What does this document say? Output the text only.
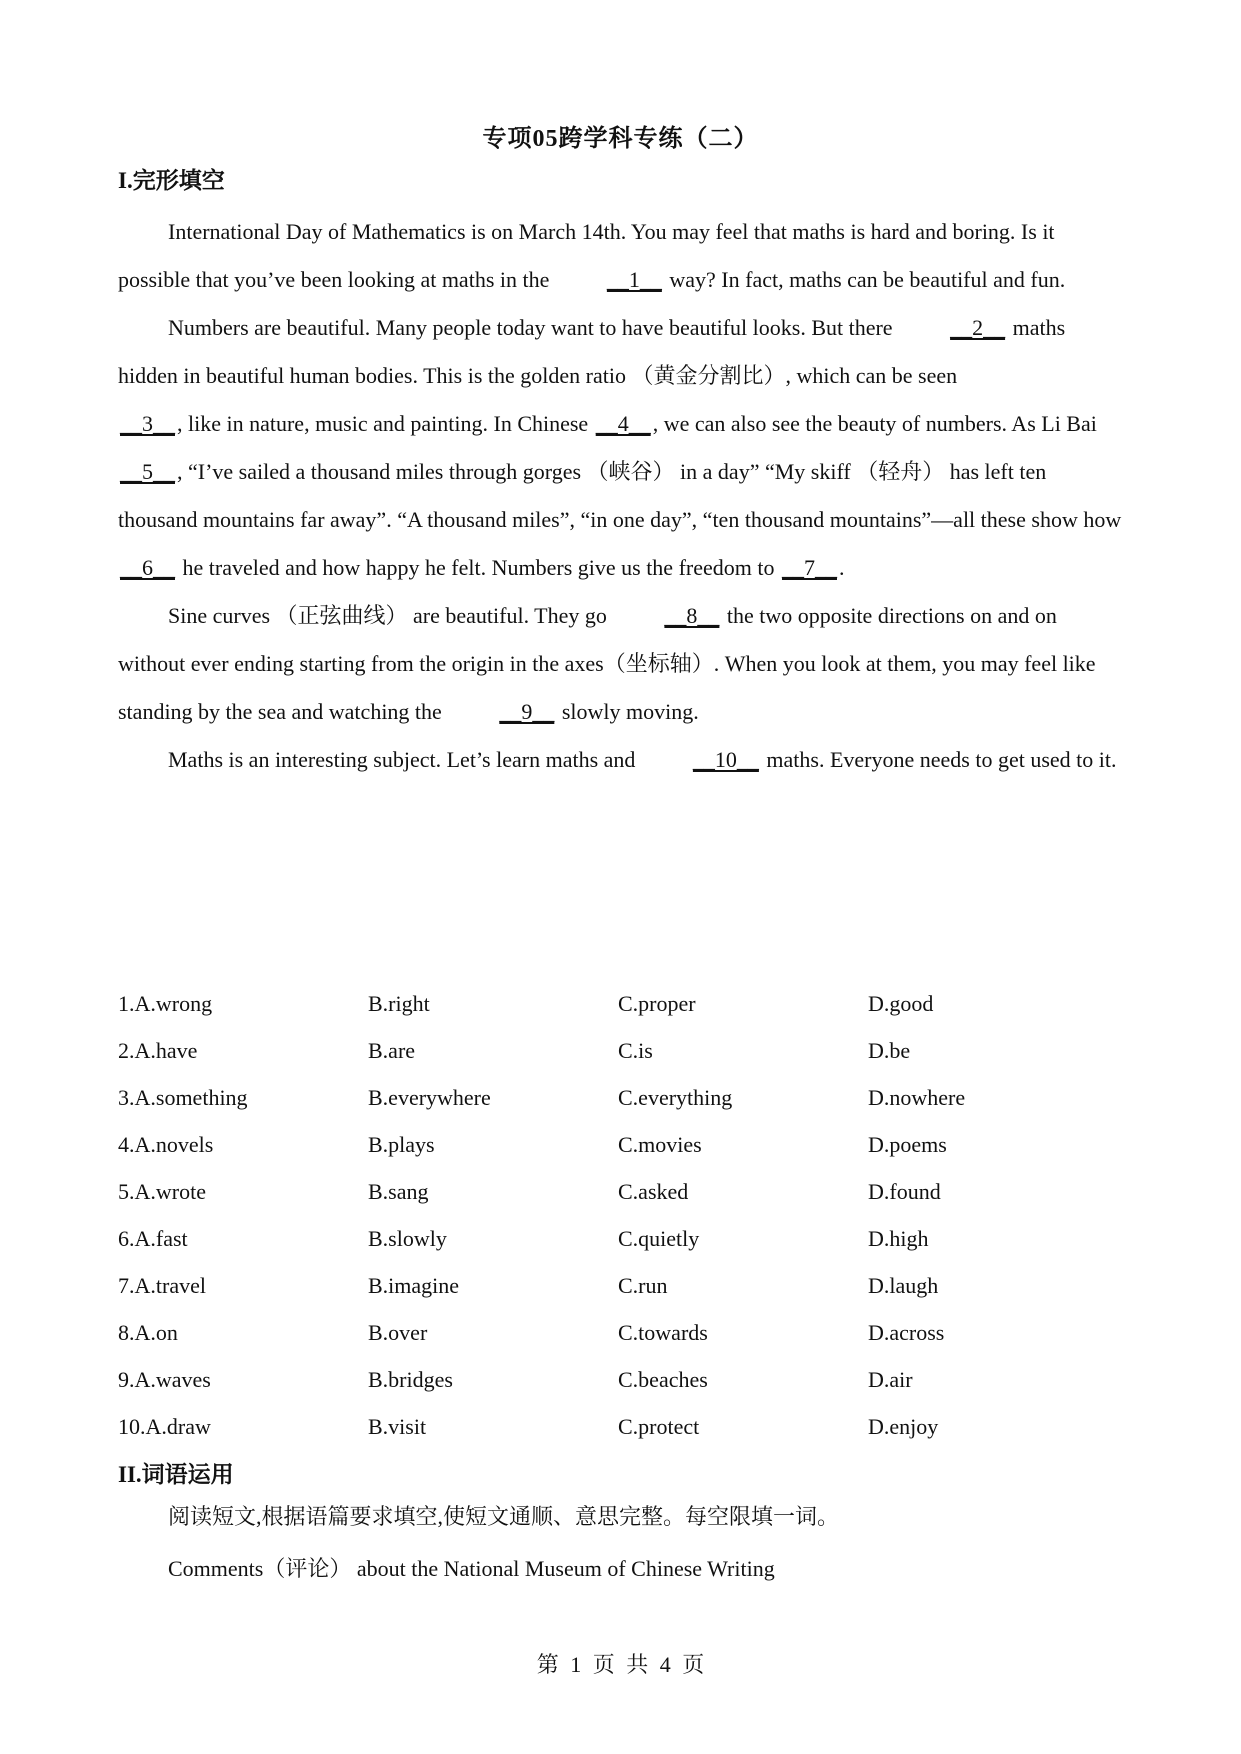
专项05跨学科专练（二）
I.完形填空

International Day of Mathematics is on March 14th. You may feel that maths is hard and boring. Is it possible that you’ve been looking at maths in the __1__ way? In fact, maths can be beautiful and fun.

Numbers are beautiful. Many people today want to have beautiful looks. But there __2__ maths hidden in beautiful human bodies. This is the golden ratio （黄金分割比）, which can be seen

__3__, like in nature, music and painting. In Chinese __4__, we can also see the beauty of numbers. As Li Bai __5__, “I’ve sailed a thousand miles through gorges （峡谷） in a day” “My skiff （轻舟） has left ten thousand mountains far away”. “A thousand miles”, “in one day”, “ten thousand mountains”—all these show how __6__ he traveled and how happy he felt. Numbers give us the freedom to __7__.

Sine curves （正弦曲线） are beautiful. They go __8__ the two opposite directions on and on without ever ending starting from the origin in the axes（坐标轴）. When you look at them, you may feel like standing by the sea and watching the __9__ slowly moving.

Maths is an interesting subject. Let’s learn maths and __10__ maths. Everyone needs to get used to it.

1.A.wrong	B.right	C.proper	D.good
2.A.have	B.are	C.is	D.be
3.A.something	B.everywhere	C.everything	D.nowhere
4.A.novels	B.plays	C.movies	D.poems
5.A.wrote	B.sang	C.asked	D.found
6.A.fast	B.slowly	C.quietly	D.high
7.A.travel	B.imagine	C.run	D.laugh
8.A.on	B.over	C.towards	D.across
9.A.waves	B.bridges	C.beaches	D.air
10.A.draw	B.visit	C.protect	D.enjoy
II.词语运用
阅读短文,根据语篇要求填空,使短文通顺、意思完整。每空限填一词。
Comments（评论） about the National Museum of Chinese Writing
第 1 页 共 4 页
